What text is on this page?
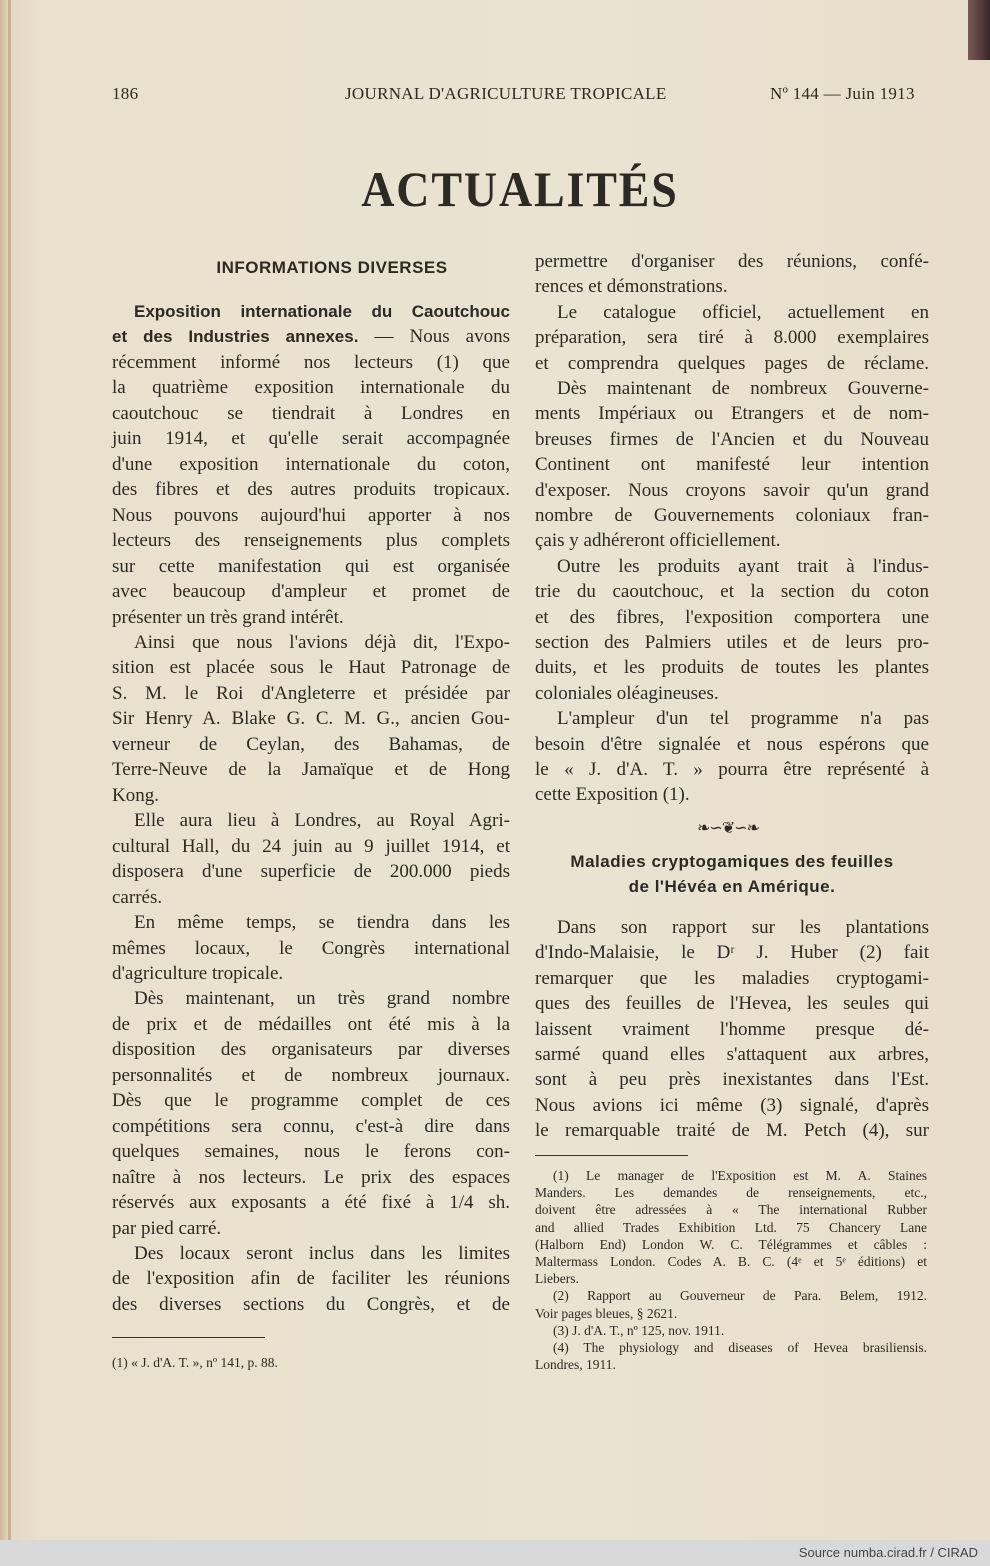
186	JOURNAL D'AGRICULTURE TROPICALE	Nº 144 — Juin 1913
ACTUALITÉS
INFORMATIONS DIVERSES
Exposition internationale du Caoutchouc
et des Industries annexes. — Nous avons
récemment informé nos lecteurs (1) que
la quatrième exposition internationale du
caoutchouc se tiendrait à Londres en
juin 1914, et qu'elle serait accompagnée
d'une exposition internationale du coton,
des fibres et des autres produits tropicaux.
Nous pouvons aujourd'hui apporter à nos
lecteurs des renseignements plus complets
sur cette manifestation qui est organisée
avec beaucoup d'ampleur et promet de
présenter un très grand intérêt.
Ainsi que nous l'avions déjà dit, l'Expo-
sition est placée sous le Haut Patronage de
S. M. le Roi d'Angleterre et présidée par
Sir Henry A. Blake G. C. M. G., ancien Gou-
verneur de Ceylan, des Bahamas, de
Terre-Neuve de la Jamaïque et de Hong
Kong.
Elle aura lieu à Londres, au Royal Agri-
cultural Hall, du 24 juin au 9 juillet 1914, et
disposera d'une superficie de 200.000 pieds
carrés.
En même temps, se tiendra dans les
mêmes locaux, le Congrès international
d'agriculture tropicale.
Dès maintenant, un très grand nombre
de prix et de médailles ont été mis à la
disposition des organisateurs par diverses
personnalités et de nombreux journaux.
Dès que le programme complet de ces
compétitions sera connu, c'est-à dire dans
quelques semaines, nous le ferons con-
naître à nos lecteurs. Le prix des espaces
réservés aux exposants a été fixé à 1/4 sh.
par pied carré.
Des locaux seront inclus dans les limites
de l'exposition afin de faciliter les réunions
des diverses sections du Congrès, et de
(1) « J. d'A. T. », nº 141, p. 88.
permettre d'organiser des réunions, confé-
rences et démonstrations.
Le catalogue officiel, actuellement en
préparation, sera tiré à 8.000 exemplaires
et comprendra quelques pages de réclame.
Dès maintenant de nombreux Gouverne-
ments Impériaux ou Etrangers et de nom-
breuses firmes de l'Ancien et du Nouveau
Continent ont manifesté leur intention
d'exposer. Nous croyons savoir qu'un grand
nombre de Gouvernements coloniaux fran-
çais y adhéreront officiellement.
Outre les produits ayant trait à l'indus-
trie du caoutchouc, et la section du coton
et des fibres, l'exposition comportera une
section des Palmiers utiles et de leurs pro-
duits, et les produits de toutes les plantes
coloniales oléagineuses.
L'ampleur d'un tel programme n'a pas
besoin d'être signalée et nous espérons que
le « J. d'A. T. » pourra être représenté à
cette Exposition (1).
Dans son rapport sur les plantations
d'Indo-Malaisie, le Dʳ J. Huber (2) fait
remarquer que les maladies cryptogami-
ques des feuilles de l'Hevea, les seules qui
laissent vraiment l'homme presque dé-
sarmé quand elles s'attaquent aux arbres,
sont à peu près inexistantes dans l'Est.
Nous avions ici même (3) signalé, d'après
le remarquable traité de M. Petch (4), sur
❧∽❦∽❧
Maladies cryptogamiques des feuilles
de l'Hévéa en Amérique.
(1) Le manager de l'Exposition est M. A. Staines
Manders. Les demandes de renseignements, etc.,
doivent être adressées à « The international Rubber
and allied Trades Exhibition Ltd. 75 Chancery Lane
(Halborn End) London W. C. Télégrammes et câbles :
Maltermass London. Codes A. B. C. (4ᵉ et 5ᵉ éditions) et
Liebers.
(2) Rapport au Gouverneur de Para. Belem, 1912.
Voir pages bleues, § 2621.
(3) J. d'A. T., nº 125, nov. 1911.
(4) The physiology and diseases of Hevea brasiliensis.
Londres, 1911.
Source numba.cirad.fr / CIRAD
